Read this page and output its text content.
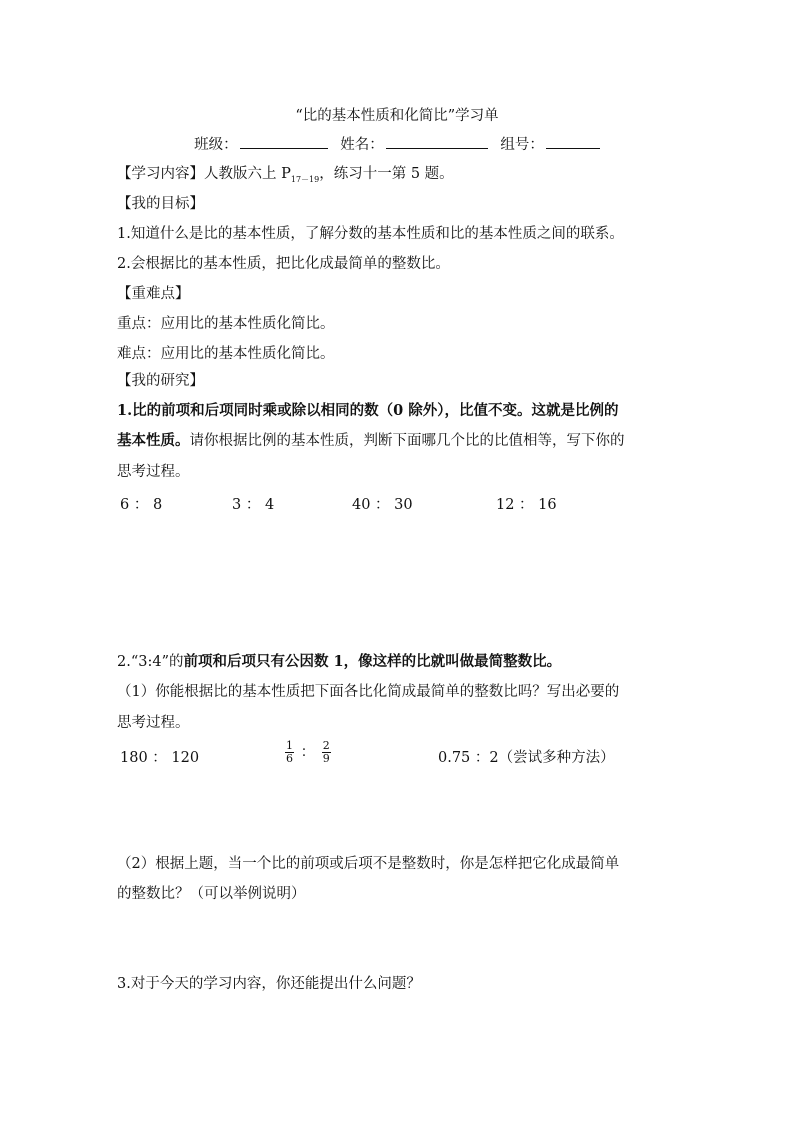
“比的基本性质和化简比”学习单
班级：	姓名：	组号：
【学习内容】人教版六上 $P_{17-19}$，练习十一第 5 题。
【我的目标】
1.知道什么是比的基本性质，了解分数的基本性质和比的基本性质之间的联系。
2.会根据比的基本性质，把比化成最简单的整数比。
【重难点】
重点：应用比的基本性质化简比。
难点：应用比的基本性质化简比。
【我的研究】
1.比的前项和后项同时乘或除以相同的数（0 除外），比值不变。这就是比例的
基本性质。请你根据比例的基本性质，判断下面哪几个比的比值相等，写下你的
思考过程。
6 ： 8	3 ： 4	40 ： 30	12 ： 16
2.“3:4”的前项和后项只有公因数 1，像这样的比就叫做最简整数比。
（1）你能根据比的基本性质把下面各比化简成最简单的整数比吗？写出必要的
思考过程。
180 ： 120	$\frac{1}{6}$ ： $\frac{2}{9}$	0.75 ：2（尝试多种方法）
（2）根据上题，当一个比的前项或后项不是整数时，你是怎样把它化成最简单
的整数比？（可以举例说明）
3.对于今天的学习内容，你还能提出什么问题？
